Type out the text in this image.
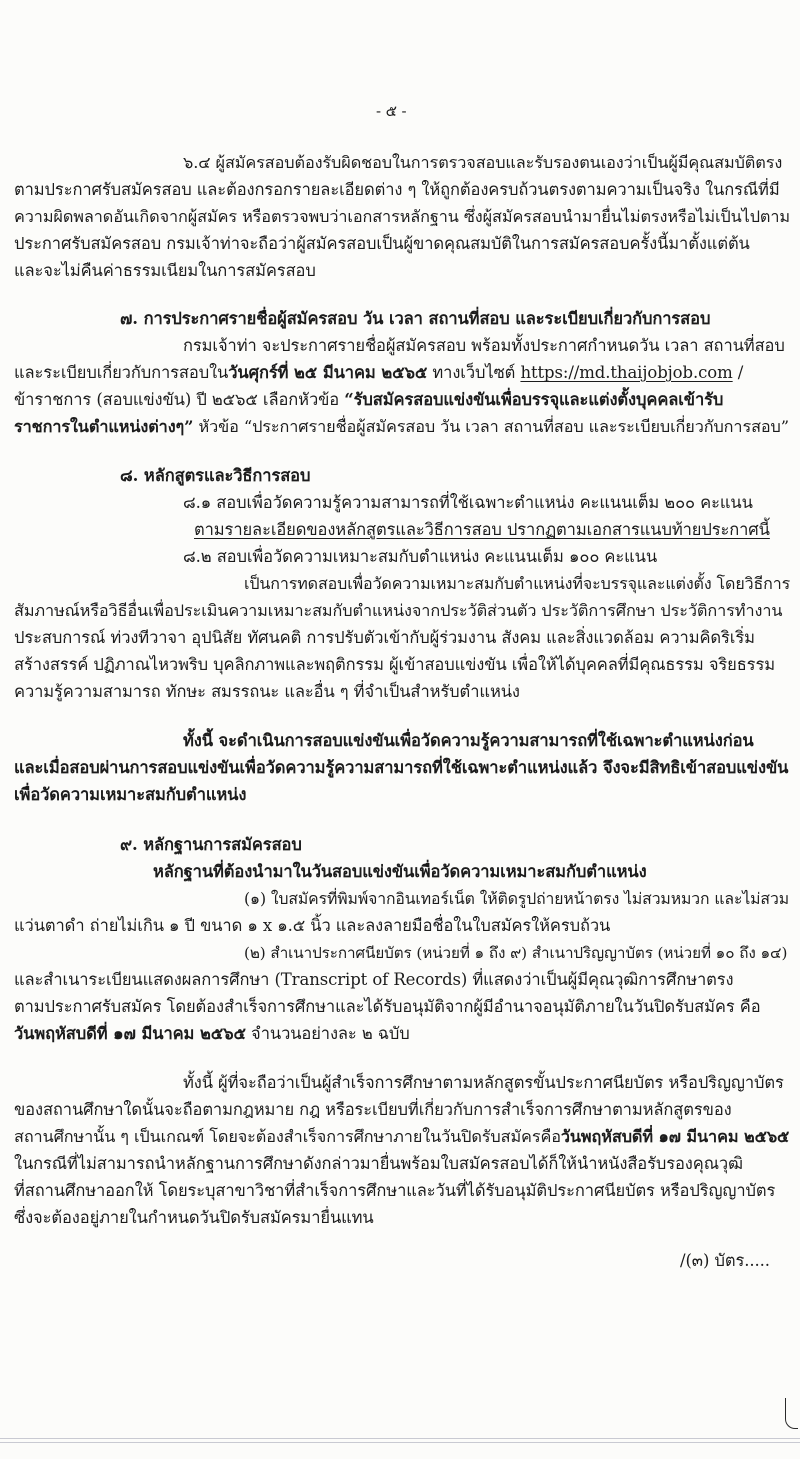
- ๕ -
๖.๔ ผู้สมัครสอบต้องรับผิดชอบในการตรวจสอบและรับรองตนเองว่าเป็นผู้มีคุณสมบัติตรง
ตามประกาศรับสมัครสอบ และต้องกรอกรายละเอียดต่าง ๆ ให้ถูกต้องครบถ้วนตรงตามความเป็นจริง ในกรณีที่มี
ความผิดพลาดอันเกิดจากผู้สมัคร หรือตรวจพบว่าเอกสารหลักฐาน ซึ่งผู้สมัครสอบนำมายื่นไม่ตรงหรือไม่เป็นไปตาม
ประกาศรับสมัครสอบ กรมเจ้าท่าจะถือว่าผู้สมัครสอบเป็นผู้ขาดคุณสมบัติในการสมัครสอบครั้งนี้มาตั้งแต่ต้น
และจะไม่คืนค่าธรรมเนียมในการสมัครสอบ
๗. การประกาศรายชื่อผู้สมัครสอบ วัน เวลา สถานที่สอบ และระเบียบเกี่ยวกับการสอบ
กรมเจ้าท่า จะประกาศรายชื่อผู้สมัครสอบ พร้อมทั้งประกาศกำหนดวัน เวลา สถานที่สอบ
และระเบียบเกี่ยวกับการสอบในวันศุกร์ที่ ๒๕ มีนาคม ๒๕๖๕ ทางเว็บไซต์ https://md.thaijobjob.com /
ข้าราชการ (สอบแข่งขัน) ปี ๒๕๖๕ เลือกหัวข้อ “รับสมัครสอบแข่งขันเพื่อบรรจุและแต่งตั้งบุคคลเข้ารับ
ราชการในตำแหน่งต่างๆ” หัวข้อ “ประกาศรายชื่อผู้สมัครสอบ วัน เวลา สถานที่สอบ และระเบียบเกี่ยวกับการสอบ”
๘. หลักสูตรและวิธีการสอบ
๘.๑ สอบเพื่อวัดความรู้ความสามารถที่ใช้เฉพาะตำแหน่ง คะแนนเต็ม ๒๐๐ คะแนน
ตามรายละเอียดของหลักสูตรและวิธีการสอบ ปรากฏตามเอกสารแนบท้ายประกาศนี้
๘.๒ สอบเพื่อวัดความเหมาะสมกับตำแหน่ง คะแนนเต็ม ๑๐๐ คะแนน
เป็นการทดสอบเพื่อวัดความเหมาะสมกับตำแหน่งที่จะบรรจุและแต่งตั้ง โดยวิธีการ
สัมภาษณ์หรือวิธีอื่นเพื่อประเมินความเหมาะสมกับตำแหน่งจากประวัติส่วนตัว ประวัติการศึกษา ประวัติการทำงาน
ประสบการณ์ ท่วงทีวาจา อุปนิสัย ทัศนคติ การปรับตัวเข้ากับผู้ร่วมงาน สังคม และสิ่งแวดล้อม ความคิดริเริ่ม
สร้างสรรค์ ปฏิภาณไหวพริบ บุคลิกภาพและพฤติกรรม ผู้เข้าสอบแข่งขัน เพื่อให้ได้บุคคลที่มีคุณธรรม จริยธรรม
ความรู้ความสามารถ ทักษะ สมรรถนะ และอื่น ๆ ที่จำเป็นสำหรับตำแหน่ง
ทั้งนี้ จะดำเนินการสอบแข่งขันเพื่อวัดความรู้ความสามารถที่ใช้เฉพาะตำแหน่งก่อน
และเมื่อสอบผ่านการสอบแข่งขันเพื่อวัดความรู้ความสามารถที่ใช้เฉพาะตำแหน่งแล้ว จึงจะมีสิทธิเข้าสอบแข่งขัน
เพื่อวัดความเหมาะสมกับตำแหน่ง
๙. หลักฐานการสมัครสอบ
หลักฐานที่ต้องนำมาในวันสอบแข่งขันเพื่อวัดความเหมาะสมกับตำแหน่ง
(๑) ใบสมัครที่พิมพ์จากอินเทอร์เน็ต ให้ติดรูปถ่ายหน้าตรง ไม่สวมหมวก และไม่สวม
แว่นตาดำ ถ่ายไม่เกิน ๑ ปี ขนาด ๑ x ๑.๕ นิ้ว และลงลายมือชื่อในใบสมัครให้ครบถ้วน
(๒) สำเนาประกาศนียบัตร (หน่วยที่ ๑ ถึง ๙) สำเนาปริญญาบัตร (หน่วยที่ ๑๐ ถึง ๑๔)
และสำเนาระเบียนแสดงผลการศึกษา (Transcript of Records) ที่แสดงว่าเป็นผู้มีคุณวุฒิการศึกษาตรง
ตามประกาศรับสมัคร โดยต้องสำเร็จการศึกษาและได้รับอนุมัติจากผู้มีอำนาจอนุมัติภายในวันปิดรับสมัคร คือ
วันพฤหัสบดีที่ ๑๗ มีนาคม ๒๕๖๕ จำนวนอย่างละ ๒ ฉบับ
ทั้งนี้ ผู้ที่จะถือว่าเป็นผู้สำเร็จการศึกษาตามหลักสูตรขั้นประกาศนียบัตร หรือปริญญาบัตร
ของสถานศึกษาใดนั้นจะถือตามกฎหมาย กฎ หรือระเบียบที่เกี่ยวกับการสำเร็จการศึกษาตามหลักสูตรของ
สถานศึกษานั้น ๆ เป็นเกณฑ์ โดยจะต้องสำเร็จการศึกษาภายในวันปิดรับสมัครคือวันพฤหัสบดีที่ ๑๗ มีนาคม ๒๕๖๕
ในกรณีที่ไม่สามารถนำหลักฐานการศึกษาดังกล่าวมายื่นพร้อมใบสมัครสอบได้ก็ให้นำหนังสือรับรองคุณวุฒิ
ที่สถานศึกษาออกให้ โดยระบุสาขาวิชาที่สำเร็จการศึกษาและวันที่ได้รับอนุมัติประกาศนียบัตร หรือปริญญาบัตร
ซึ่งจะต้องอยู่ภายในกำหนดวันปิดรับสมัครมายื่นแทน
/(๓) บัตร.....
